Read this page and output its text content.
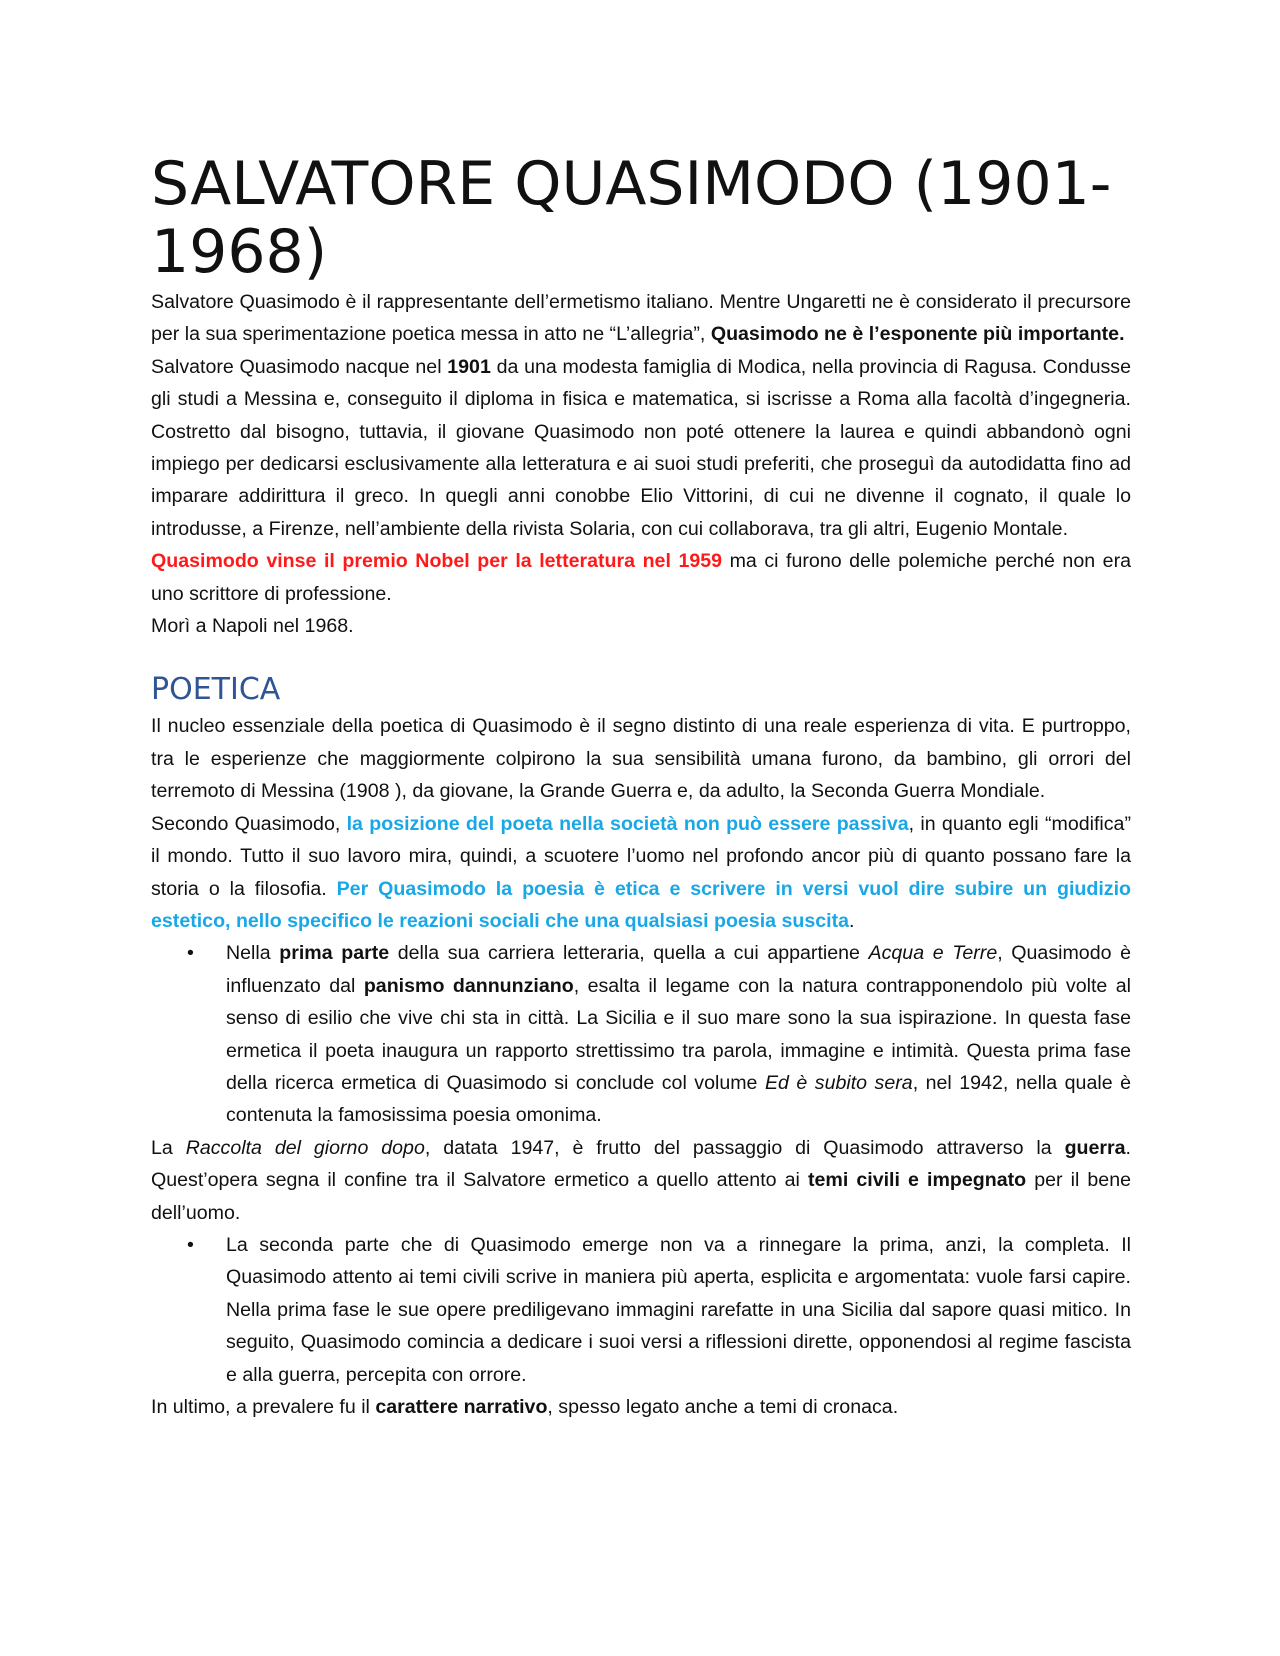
SALVATORE QUASIMODO (1901-1968)

Salvatore Quasimodo è il rappresentante dell’ermetismo italiano. Mentre Ungaretti ne è considerato il precursore per la sua sperimentazione poetica messa in atto ne “L’allegria”, Quasimodo ne è l’esponente più importante.

Salvatore Quasimodo nacque nel 1901 da una modesta famiglia di Modica, nella provincia di Ragusa. Condusse gli studi a Messina e, conseguito il diploma in fisica e matematica, si iscrisse a Roma alla facoltà d’ingegneria. Costretto dal bisogno, tuttavia, il giovane Quasimodo non poté ottenere la laurea e quindi abbandonò ogni impiego per dedicarsi esclusivamente alla letteratura e ai suoi studi preferiti, che proseguì da autodidatta fino ad imparare addirittura il greco. In quegli anni conobbe Elio Vittorini, di cui ne divenne il cognato, il quale lo introdusse, a Firenze, nell’ambiente della rivista Solaria, con cui collaborava, tra gli altri, Eugenio Montale.

Quasimodo vinse il premio Nobel per la letteratura nel 1959 ma ci furono delle polemiche perché non era uno scrittore di professione.

Morì a Napoli nel 1968.

POETICA

Il nucleo essenziale della poetica di Quasimodo è il segno distinto di una reale esperienza di vita. E purtroppo, tra le esperienze che maggiormente colpirono la sua sensibilità umana furono, da bambino, gli orrori del terremoto di Messina (1908 ), da giovane, la Grande Guerra e, da adulto, la Seconda Guerra Mondiale.

Secondo Quasimodo, la posizione del poeta nella società non può essere passiva, in quanto egli “modifica” il mondo. Tutto il suo lavoro mira, quindi, a scuotere l’uomo nel profondo ancor più di quanto possano fare la storia o la filosofia. Per Quasimodo la poesia è etica e scrivere in versi vuol dire subire un giudizio estetico, nello specifico le reazioni sociali che una qualsiasi poesia suscita.

• Nella prima parte della sua carriera letteraria, quella a cui appartiene Acqua e Terre, Quasimodo è influenzato dal panismo dannunziano, esalta il legame con la natura contrapponendolo più volte al senso di esilio che vive chi sta in città. La Sicilia e il suo mare sono la sua ispirazione. In questa fase ermetica il poeta inaugura un rapporto strettissimo tra parola, immagine e intimità. Questa prima fase della ricerca ermetica di Quasimodo si conclude col volume Ed è subito sera, nel 1942, nella quale è contenuta la famosissima poesia omonima.

La Raccolta del giorno dopo, datata 1947, è frutto del passaggio di Quasimodo attraverso la guerra. Quest’opera segna il confine tra il Salvatore ermetico a quello attento ai temi civili e impegnato per il bene dell’uomo.

• La seconda parte che di Quasimodo emerge non va a rinnegare la prima, anzi, la completa. Il Quasimodo attento ai temi civili scrive in maniera più aperta, esplicita e argomentata: vuole farsi capire. Nella prima fase le sue opere prediligevano immagini rarefatte in una Sicilia dal sapore quasi mitico. In seguito, Quasimodo comincia a dedicare i suoi versi a riflessioni dirette, opponendosi al regime fascista e alla guerra, percepita con orrore.

In ultimo, a prevalere fu il carattere narrativo, spesso legato anche a temi di cronaca.
